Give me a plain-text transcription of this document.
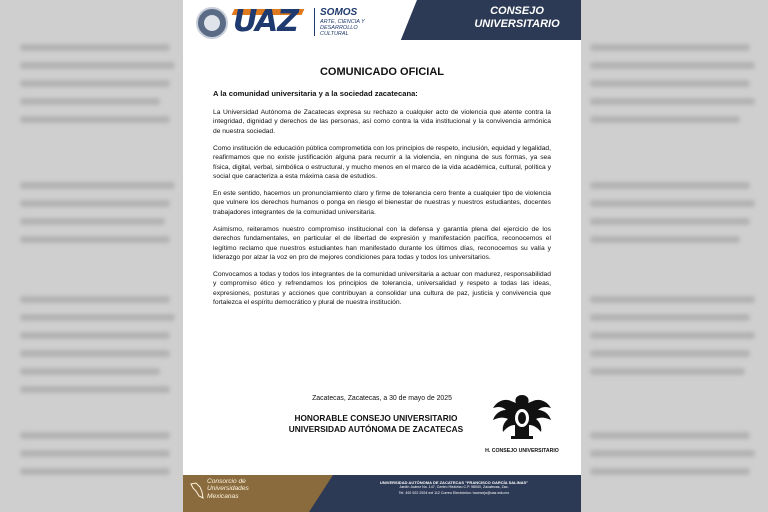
UAZ	SOMOS
ARTE, CIENCIA Y DESARROLLO CULTURAL
CONSEJO
UNIVERSITARIO
COMUNICADO OFICIAL
A la comunidad universitaria y a la sociedad zacatecana:

La Universidad Autónoma de Zacatecas expresa su rechazo a cualquier acto de violencia que atente contra la integridad, dignidad y derechos de las personas, así como contra la vida institucional y la convivencia armónica de nuestra sociedad.

Como institución de educación pública comprometida con los principios de respeto, inclusión, equidad y legalidad, reafirmamos que no existe justificación alguna para recurrir a la violencia, en ninguna de sus formas, ya sea física, digital, verbal, simbólica o estructural, y mucho menos en el marco de la vida académica, cultural, política y social que caracteriza a esta máxima casa de estudios.

En este sentido, hacemos un pronunciamiento claro y firme de tolerancia cero frente a cualquier tipo de violencia que vulnere los derechos humanos o ponga en riesgo el bienestar de nuestras y nuestros estudiantes, docentes trabajadores integrantes de la comunidad universitaria.

Asimismo, reiteramos nuestro compromiso institucional con la defensa y garantía plena del ejercicio de los derechos fundamentales, en particular el de libertad de expresión y manifestación pacífica, reconocemos el legítimo reclamo que nuestros estudiantes han manifestado durante los últimos días, reconocemos su valía y liderazgo por alzar la voz en pro de mejores condiciones para todas y todos los universitarios.

Convocamos a todas y todos los integrantes de la comunidad universitaria a actuar con madurez, responsabilidad y compromiso ético y refrendamos los principios de tolerancia, universalidad y respeto a todas las ideas, expresiones, posturas y acciones que contribuyan a consolidar una cultura de paz, justicia y convivencia que fortalezca el espíritu democrático y plural de nuestra institución.

Zacatecas, Zacatecas, a 30 de mayo de 2025
HONORABLE CONSEJO UNIVERSITARIO
UNIVERSIDAD AUTÓNOMA DE ZACATECAS
H. CONSEJO UNIVERSITARIO
Consorcio de Universidades Mexicanas
UNIVERSIDAD AUTÓNOMA DE ZACATECAS "FRANCISCO GARCÍA SALINAS"
Jardín Juárez No. 147, Centro Histórico C.P. 98000, Zacatecas, Zac.
Tel. 492 922 2924 ext 112 Correo Electrónico: hconsejo@uaz.edu.mx
